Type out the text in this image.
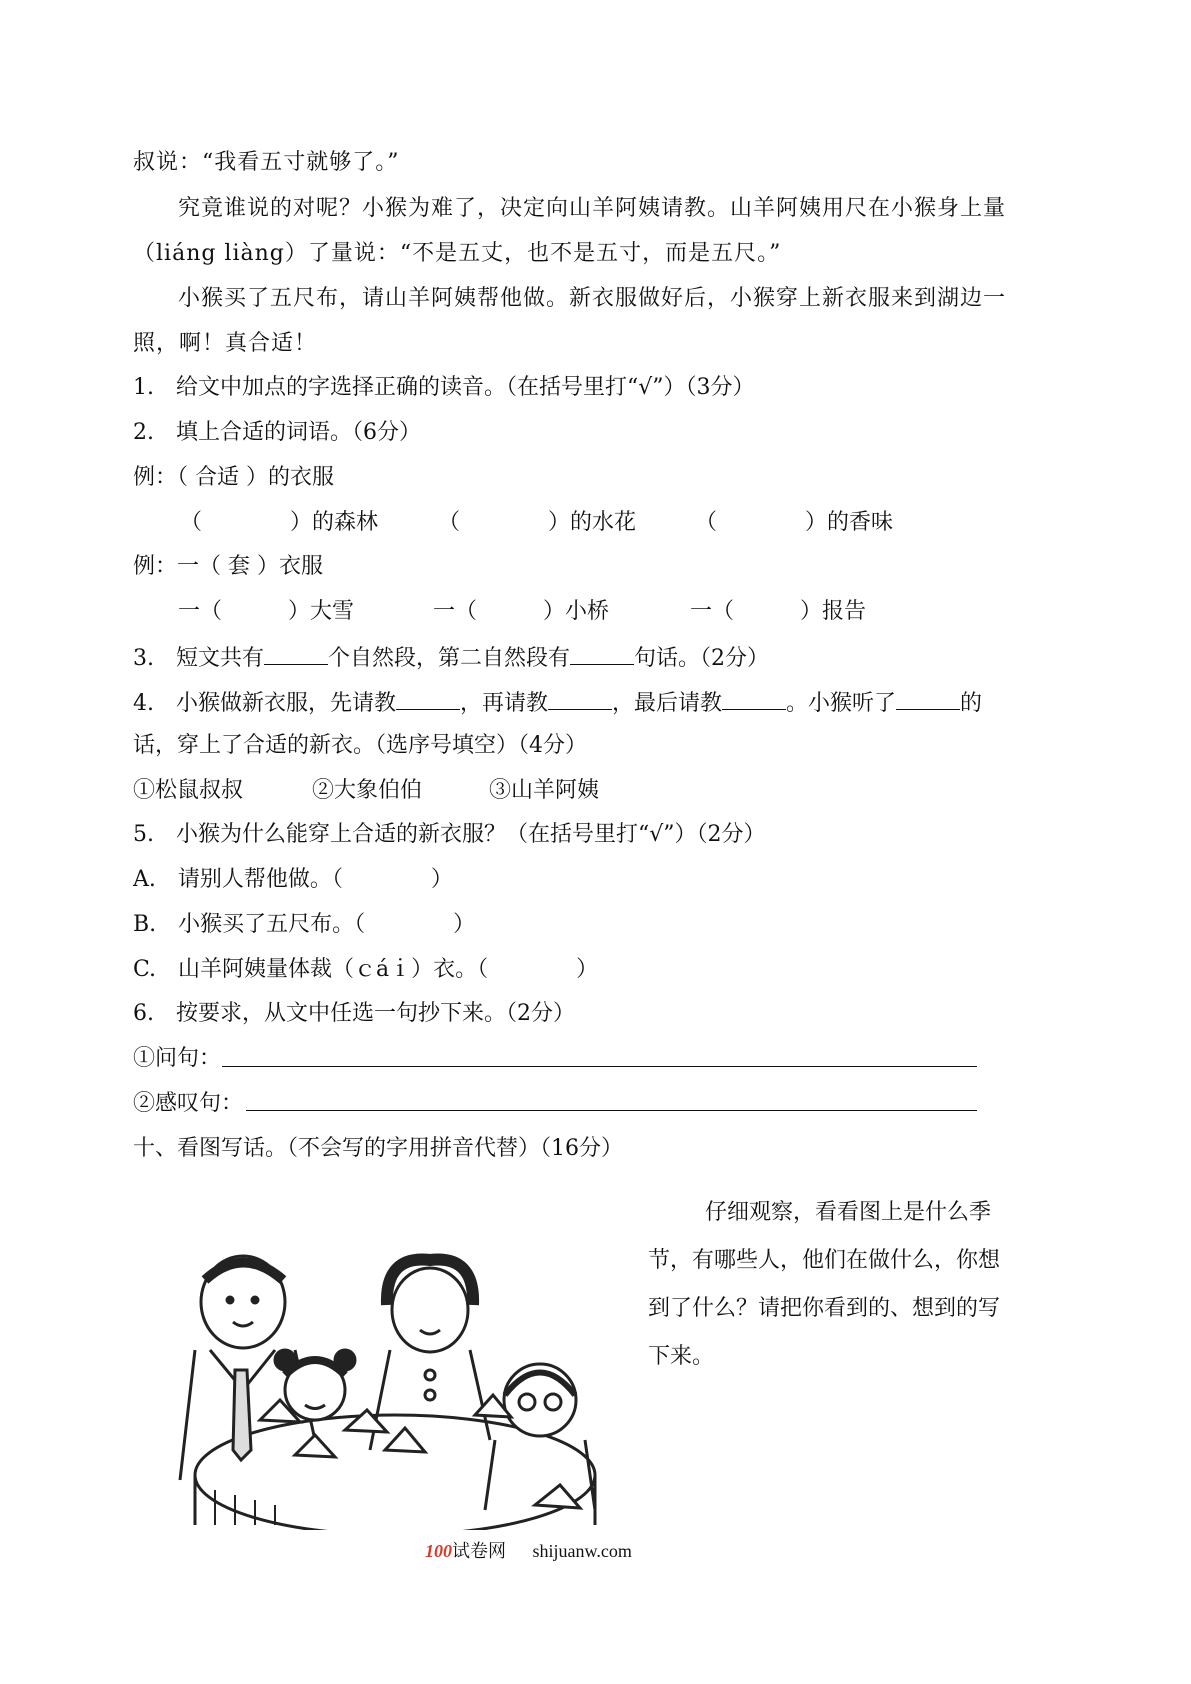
叔说：“我看五寸就够了。”
究竟谁说的对呢？小猴为难了，决定向山羊阿姨请教。山羊阿姨用尺在小猴身上量
（liáng liàng）了量说：“不是五丈，也不是五寸，而是五尺。”
小猴买了五尺布，请山羊阿姨帮他做。新衣服做好后，小猴穿上新衣服来到湖边一
照，啊！真合适！
1.　给文中加点的字选择正确的读音。（在括号里打“√”）（3分）
2.　填上合适的词语。（6分）
例：（ 合适 ）的衣服
（　　　　）的森林	（　　　　）的水花	（　　　　）的香味
例：一（ 套 ）衣服
一（　　　）大雪	一（　　　）小桥	一（　　　）报告
3.　短文共有	个自然段，第二自然段有	句话。（2分）
4.　小猴做新衣服，先请教	，再请教	，最后请教	。小猴听了	的
话，穿上了合适的新衣。（选序号填空）（4分）
①松鼠叔叔	②大象伯伯	③山羊阿姨
5.　小猴为什么能穿上合适的新衣服？（在括号里打“√”）（2分）
A.　请别人帮他做。（　　　　）
B.　小猴买了五尺布。（　　　　）
C.　山羊阿姨量体裁（ｃáｉ）衣。（　　　　）
6.　按要求，从文中任选一句抄下来。（2分）
①问句：
②感叹句：
十、看图写话。（不会写的字用拼音代替）（16分）
仔细观察，看看图上是什么季
节，有哪些人，他们在做什么，你想
到了什么？请把你看到的、想到的写
下来。
100试卷网 shijuanw.com
